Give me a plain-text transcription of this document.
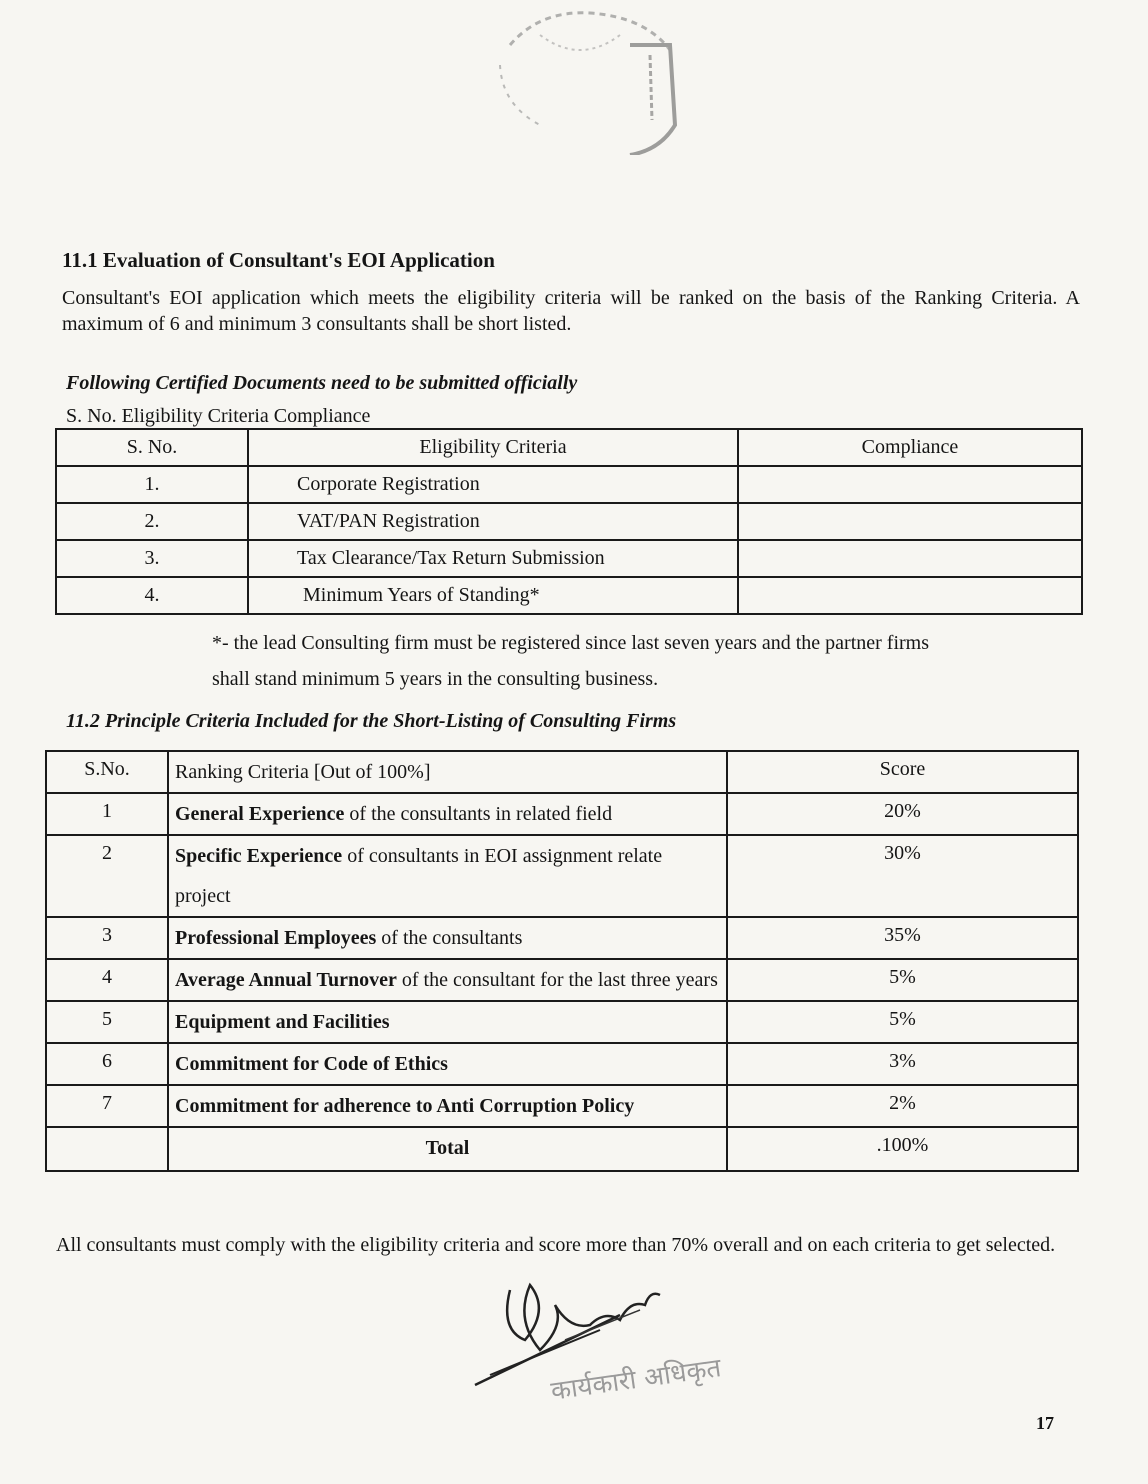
11.1 Evaluation of Consultant's EOI Application
Consultant's EOI application which meets the eligibility criteria will be ranked on the basis of the Ranking Criteria. A maximum of 6 and minimum 3 consultants shall be short listed.
Following Certified Documents need to be submitted officially
S. No. Eligibility Criteria Compliance
S. No.	Eligibility Criteria	Compliance
1.	Corporate Registration	
2.	VAT/PAN Registration	
3.	Tax Clearance/Tax Return Submission	
4.	Minimum Years of Standing*	
*- the lead Consulting firm must be registered since last seven years and the partner firms
shall stand minimum 5 years in the consulting business.
11.2 Principle Criteria Included for the Short-Listing of Consulting Firms
S.No.	Ranking Criteria [Out of 100%]	Score
1	General Experience of the consultants in related field	20%
2	Specific Experience of consultants in EOI assignment relate project	30%
3	Professional Employees of the consultants	35%
4	Average Annual Turnover of the consultant for the last three years	5%
5	Equipment and Facilities	5%
6	Commitment for Code of Ethics	3%
7	Commitment for adherence to Anti Corruption Policy	2%
	Total	.100%
All consultants must comply with the eligibility criteria and score more than 70% overall and on each criteria to get selected.
कार्यकारी अधिकृत
17
